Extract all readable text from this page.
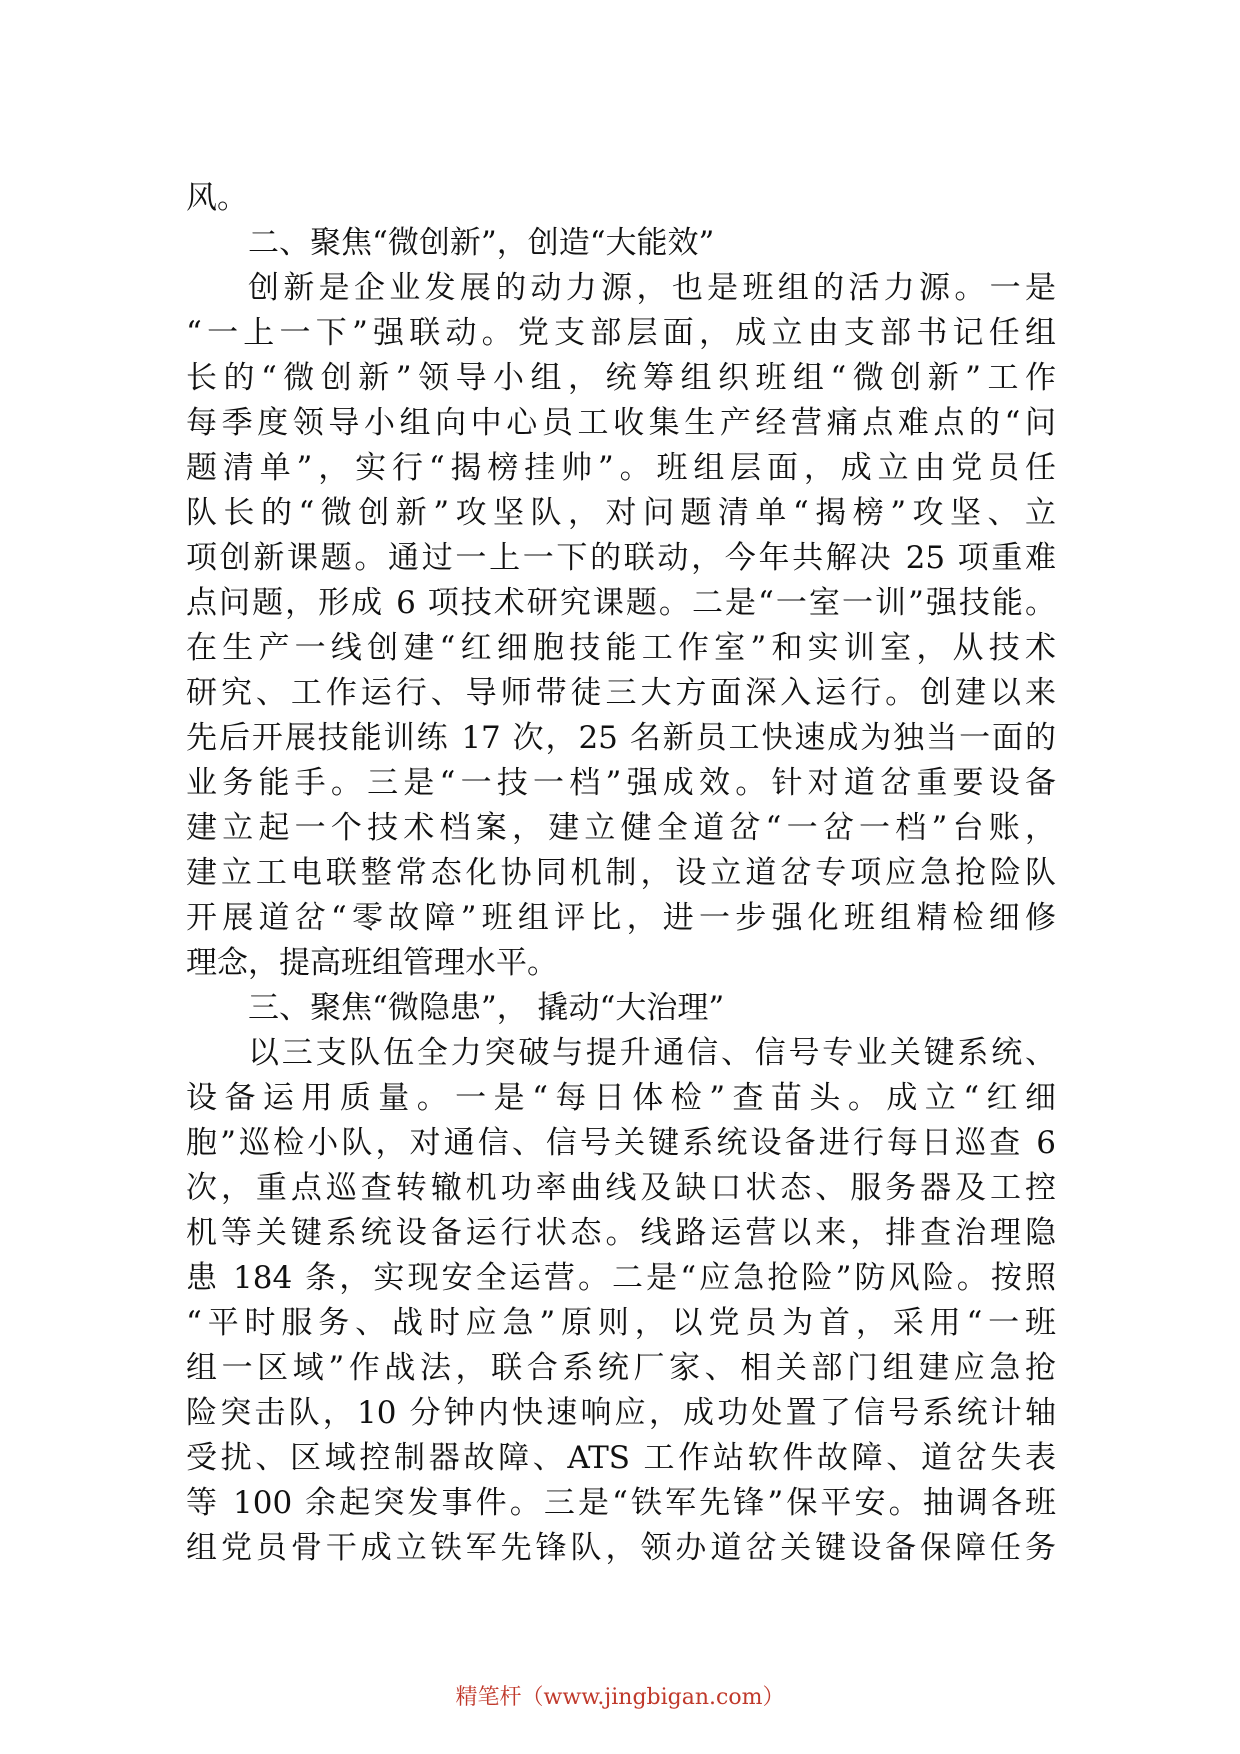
风。
二、聚焦“微创新”，创造“大能效”
创新是企业发展的动力源，也是班组的活力源。一是
“一上一下”强联动。党支部层面，成立由支部书记任组
长的“微创新”领导小组，统筹组织班组“微创新”工作
每季度领导小组向中心员工收集生产经营痛点难点的“问
题清单”，实行“揭榜挂帅”。班组层面，成立由党员任
队长的“微创新”攻坚队，对问题清单“揭榜”攻坚、立
项创新课题。通过一上一下的联动，今年共解决 25 项重难
点问题，形成 6 项技术研究课题。二是“一室一训”强技能。
在生产一线创建“红细胞技能工作室”和实训室，从技术
研究、工作运行、导师带徒三大方面深入运行。创建以来
先后开展技能训练 17 次，25 名新员工快速成为独当一面的
业务能手。三是“一技一档”强成效。针对道岔重要设备
建立起一个技术档案，建立健全道岔“一岔一档”台账，
建立工电联整常态化协同机制，设立道岔专项应急抢险队
开展道岔“零故障”班组评比，进一步强化班组精检细修
理念，提高班组管理水平。
三、聚焦“微隐患”， 撬动“大治理”
以三支队伍全力突破与提升通信、信号专业关键系统、
设备运用质量。一是“每日体检”查苗头。成立“红细
胞”巡检小队，对通信、信号关键系统设备进行每日巡查 6
次，重点巡查转辙机功率曲线及缺口状态、服务器及工控
机等关键系统设备运行状态。线路运营以来，排查治理隐
患 184 条，实现安全运营。二是“应急抢险”防风险。按照
“平时服务、战时应急”原则，以党员为首，采用“一班
组一区域”作战法，联合系统厂家、相关部门组建应急抢
险突击队，10 分钟内快速响应，成功处置了信号系统计轴
受扰、区域控制器故障、ATS 工作站软件故障、道岔失表
等 100 余起突发事件。三是“铁军先锋”保平安。抽调各班
组党员骨干成立铁军先锋队，领办道岔关键设备保障任务
精笔杆（www.jingbigan.com）
